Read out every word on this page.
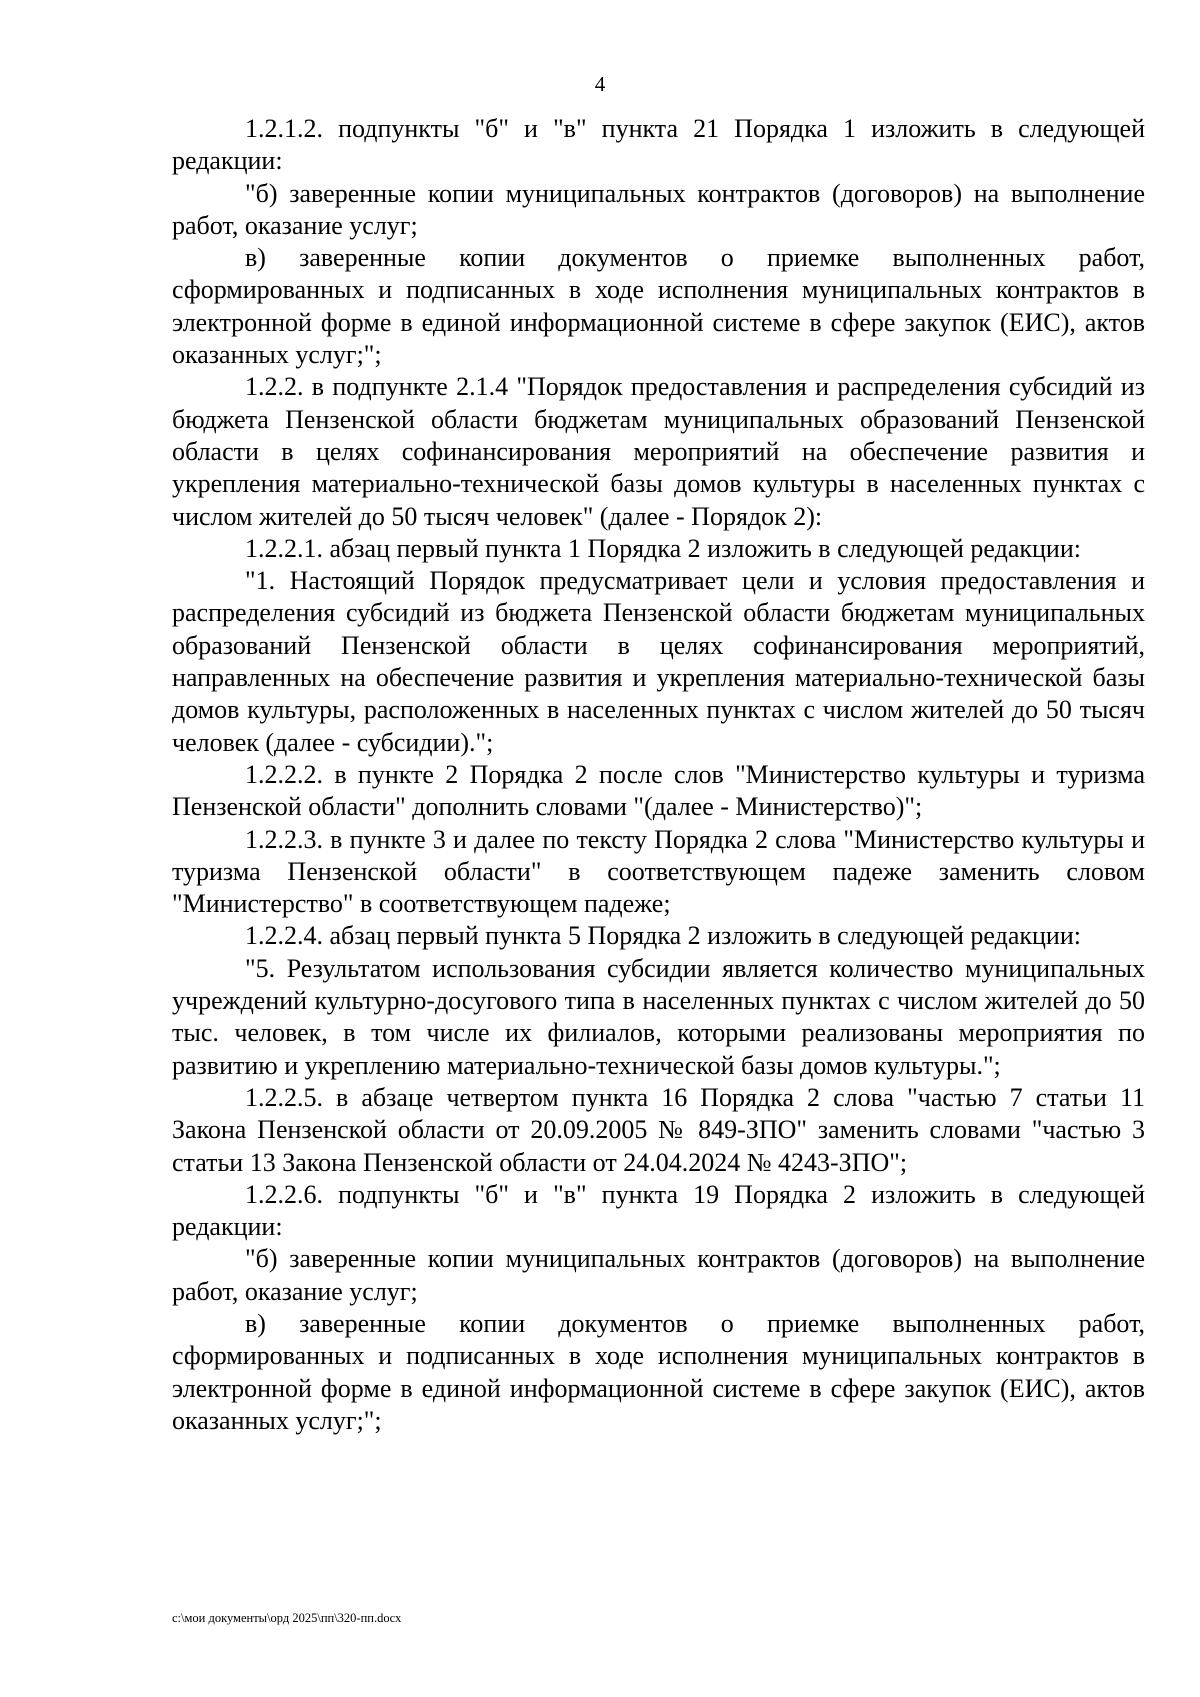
4

1.2.1.2. подпункты "б" и "в" пункта 21 Порядка 1 изложить в следующей редакции:

"б) заверенные копии муниципальных контрактов (договоров) на выполнение работ, оказание услуг;

в) заверенные копии документов о приемке выполненных работ, сформированных и подписанных в ходе исполнения муниципальных контрактов в электронной форме в единой информационной системе в сфере закупок (ЕИС), актов оказанных услуг;";

1.2.2. в подпункте 2.1.4 "Порядок предоставления и распределения субсидий из бюджета Пензенской области бюджетам муниципальных образований Пензенской области в целях софинансирования мероприятий на обеспечение развития и укрепления материально-технической базы домов культуры в населенных пунктах с числом жителей до 50 тысяч человек" (далее - Порядок 2):

1.2.2.1. абзац первый пункта 1 Порядка 2 изложить в следующей редакции:

"1. Настоящий Порядок предусматривает цели и условия предоставления и распределения субсидий из бюджета Пензенской области бюджетам муниципальных образований Пензенской области в целях софинансирования мероприятий, направленных на обеспечение развития и укрепления материально-технической базы домов культуры, расположенных в населенных пунктах с числом жителей до 50 тысяч человек (далее - субсидии).";

1.2.2.2. в пункте 2 Порядка 2 после слов "Министерство культуры и туризма Пензенской области" дополнить словами "(далее - Министерство)";

1.2.2.3. в пункте 3 и далее по тексту Порядка 2 слова "Министерство культуры и туризма Пензенской области" в соответствующем падеже заменить словом "Министерство" в соответствующем падеже;

1.2.2.4. абзац первый пункта 5 Порядка 2 изложить в следующей редакции:

"5. Результатом использования субсидии является количество муниципальных учреждений культурно-досугового типа в населенных пунктах с числом жителей до 50 тыс. человек, в том числе их филиалов, которыми реализованы мероприятия по развитию и укреплению материально-технической базы домов культуры.";

1.2.2.5. в абзаце четвертом пункта 16 Порядка 2 слова "частью 7 статьи 11 Закона Пензенской области от 20.09.2005 № 849-ЗПО" заменить словами "частью 3 статьи 13 Закона Пензенской области от 24.04.2024 № 4243-ЗПО";

1.2.2.6. подпункты "б" и "в" пункта 19 Порядка 2 изложить в следующей редакции:

"б) заверенные копии муниципальных контрактов (договоров) на выполнение работ, оказание услуг;

в) заверенные копии документов о приемке выполненных работ, сформированных и подписанных в ходе исполнения муниципальных контрактов в электронной форме в единой информационной системе в сфере закупок (ЕИС), актов оказанных услуг;";

c:\мои документы\орд 2025\пп\320-пп.docx
